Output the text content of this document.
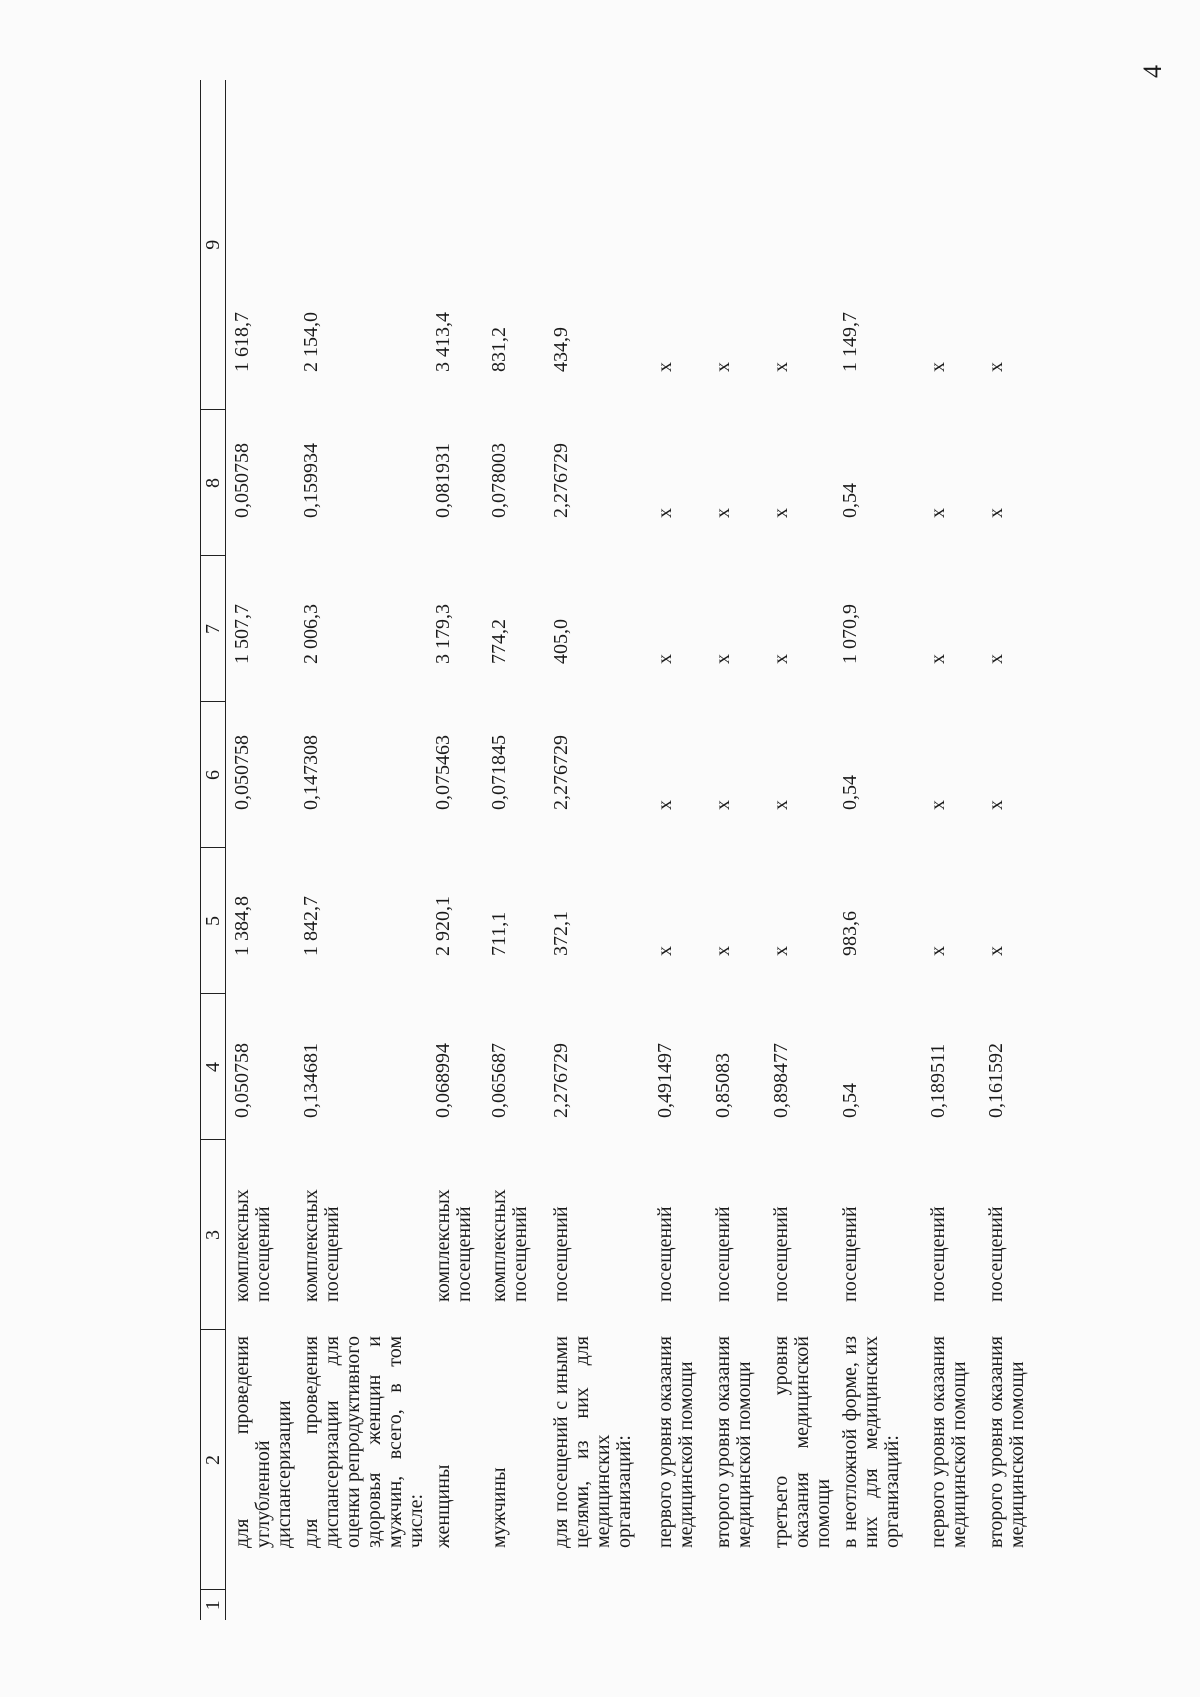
4
1	2	3	4	5	6	7	8	9
	для проведения углубленной диспансеризации	комплексных посещений	0,050758	1 384,8	0,050758	1 507,7	0,050758	1 618,7
	для проведения диспансеризации для оценки репродуктивного здоровья женщин и мужчин, всего, в том числе:	комплексных посещений	0,134681	1 842,7	0,147308	2 006,3	0,159934	2 154,0
	женщины	комплексных посещений	0,068994	2 920,1	0,075463	3 179,3	0,081931	3 413,4
	мужчины	комплексных посещений	0,065687	711,1	0,071845	774,2	0,078003	831,2
	для посещений с иными целями, из них для медицинских организаций:	посещений	2,276729	372,1	2,276729	405,0	2,276729	434,9
	первого уровня оказания медицинской помощи	посещений	0,491497	х	х	х	х	х
	второго уровня оказания медицинской помощи	посещений	0,85083	х	х	х	х	х
	третьего уровня оказания медицинской помощи	посещений	0,898477	х	х	х	х	х
	в неотложной форме, из них для медицинских организаций:	посещений	0,54	983,6	0,54	1 070,9	0,54	1 149,7
	первого уровня оказания медицинской помощи	посещений	0,189511	х	х	х	х	х
	второго уровня оказания медицинской помощи	посещений	0,161592	х	х	х	х	х
